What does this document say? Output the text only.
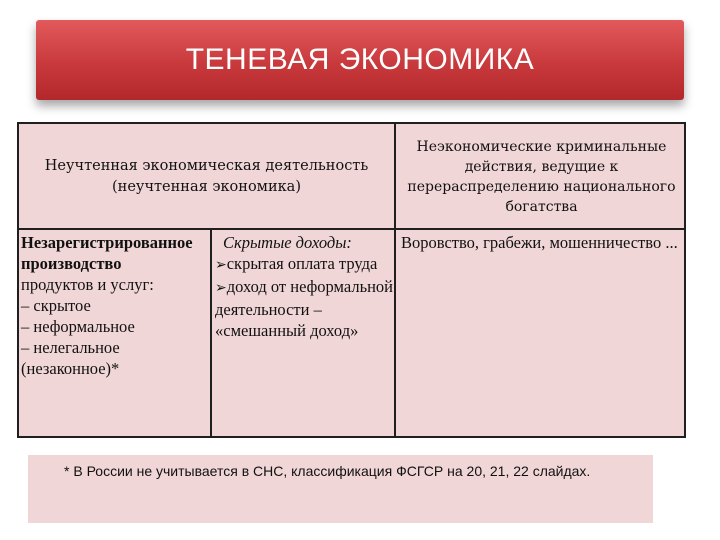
ТЕНЕВАЯ ЭКОНОМИКА
Неучтенная экономическая деятельность (неучтенная экономика)
Неэкономические криминальные действия, ведущие к перераспределению национального богатства
Незарегистрированное производство
продуктов и услуг:
– скрытое
– неформальное
– нелегальное
(незаконное)*
Скрытые доходы:
➢скрытая оплата труда
➢доход от неформальной деятельности – «смешанный доход»
Воровство, грабежи, мошенничество ...
* В России не учитывается в СНС, классификация ФСГСР на 20, 21, 22 слайдах.
